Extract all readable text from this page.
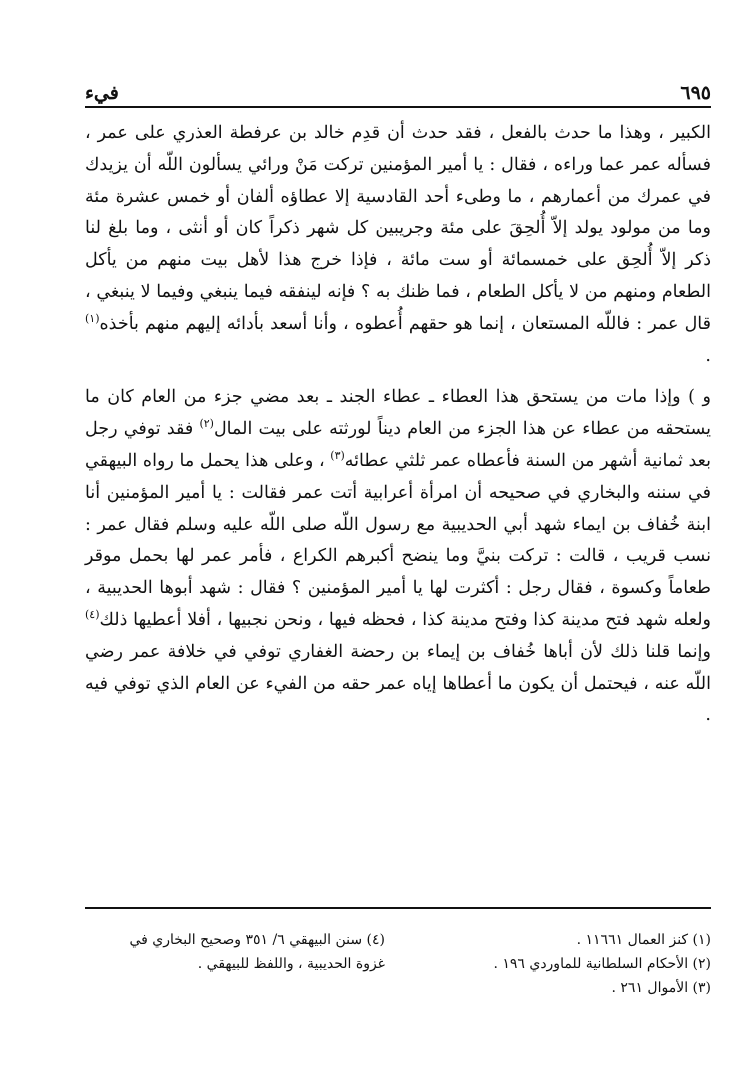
٦٩٥
فيء

الكبير ، وهذا ما حدث بالفعل ، فقد حدث أن قدِم خالد بن عرفطة العذري على عمر ، فسأله عمر عما وراءه ، فقال : يا أمير المؤمنين تركت مَنْ ورائي يسألون اللّه أن يزيدك في عمرك من أعمارهم ، ما وطىء أحد القادسية إلا عطاؤه ألفان أو خمس عشرة مئة وما من مولود يولد إلاّ أُلحِقَ على مئة وجريبين كل شهر ذكراً كان أو أنثى ، وما بلغ لنا ذكر إلاّ أُلحِق على خمسمائة أو ست مائة ، فإذا خرج هذا لأهل بيت منهم من يأكل الطعام ومنهم من لا يأكل الطعام ، فما ظنك به ؟ فإنه لينفقه فيما ينبغي وفيما لا ينبغي ، قال عمر : فاللّه المستعان ، إنما هو حقهم أُعطوه ، وأنا أسعد بأدائه إليهم منهم بأخذه$^{(١)}$ .

و ) وإذا مات من يستحق هذا العطاء ـ عطاء الجند ـ بعد مضي جزء من العام كان ما يستحقه من عطاء عن هذا الجزء من العام ديناً لورثته على بيت المال$^{(٢)}$ فقد توفي رجل بعد ثمانية أشهر من السنة فأعطاه عمر ثلثي عطائه$^{(٣)}$ ، وعلى هذا يحمل ما رواه البيهقي في سننه والبخاري في صحيحه أن امرأة أعرابية أتت عمر فقالت : يا أمير المؤمنين أنا ابنة خُفاف بن ايماء شهد أبي الحديبية مع رسول اللّه صلى اللّه عليه وسلم فقال عمر : نسب قريب ، قالت : تركت بنيَّ وما ينضح أكبرهم الكراع ، فأمر عمر لها بحمل موقر طعاماً وكسوة ، فقال رجل : أكثرت لها يا أمير المؤمنين ؟ فقال : شهد أبوها الحديبية ، ولعله شهد فتح مدينة كذا وفتح مدينة كذا ، فحظه فيها ، ونحن نجبيها ، أفلا أعطيها ذلك$^{(٤)}$ وإنما قلنا ذلك لأن أباها خُفاف بن إيماء بن رحضة الغفاري توفي في خلافة عمر رضي اللّه عنه ، فيحتمل أن يكون ما أعطاها إياه عمر حقه من الفيء عن العام الذي توفي فيه .

(١) كنز العمال ١١٦٦١ .
(٢) الأحكام السلطانية للماوردي ١٩٦ .
(٣) الأموال ٢٦١ .
(٤) سنن البيهقي ٦/ ٣٥١ وصحيح البخاري في
غزوة الحديبية ، واللفظ للبيهقي .
